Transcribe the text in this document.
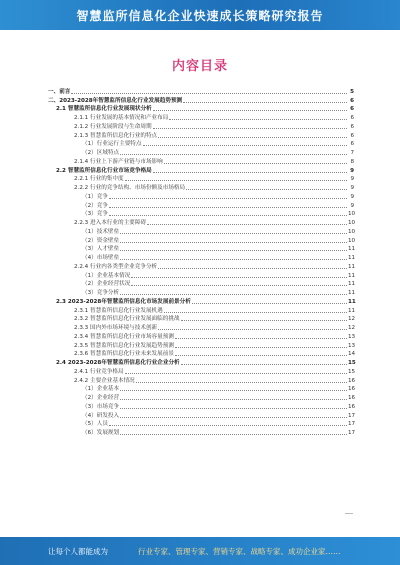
智慧监所信息化企业快速成长策略研究报告
内容目录
一、前言	5
二、2023-2028年智慧监所信息化行业发展趋势预测	6
2.1 智慧监所信息化行业发展现状分析	6
2.1.1 行业发展的基本情况和产业布局	6
2.1.2 行业发展阶段与生命周期	6
2.1.3 智慧监所信息化行业的特点	6
（1）行业运行主要特点	6
（2）区域特点	7
2.1.4 行业上下游产业链与市场影响	8
2.2 智慧监所信息化行业市场竞争格局	9
2.2.1 行业的集中度	9
2.2.2 行业的竞争结构、市场份额及市场格局	9
（1）竞争	9
（2）竞争	9
（3）竞争	10
2.2.3 进入本行业的主要障碍	10
（1）技术壁垒	10
（2）资金壁垒	10
（3）人才壁垒	11
（4）市场壁垒	11
2.2.4 行业内各类型企业竞争分析	11
（1）企业基本情况	11
（2）企业经营状况	11
（3）竞争分析	11
2.3 2023-2028年智慧监所信息化市场发展前景分析	11
2.3.1 智慧监所信息化行业发展机遇	11
2.3.2 智慧监所信息化行业发展面临的挑战	12
2.3.3 国内外市场环境与技术创新	12
2.3.4 智慧监所信息化行业市场容量预测	13
2.3.5 智慧监所信息化行业发展趋势预测	13
2.3.6 智慧监所信息化行业未来发展前景	14
2.4 2023-2028年智慧监所信息化行业企业分析	15
2.4.1 行业竞争格局	15
2.4.2 主要企业基本情况	16
（1）企业基本	16
（2）企业经营	16
（3）市场竞争	16
（4）研发投入	17
（5）人员	17
（6）发展规划	17
让每个人都能成为	行业专家、管理专家、营销专家、战略专家、成功企业家……
